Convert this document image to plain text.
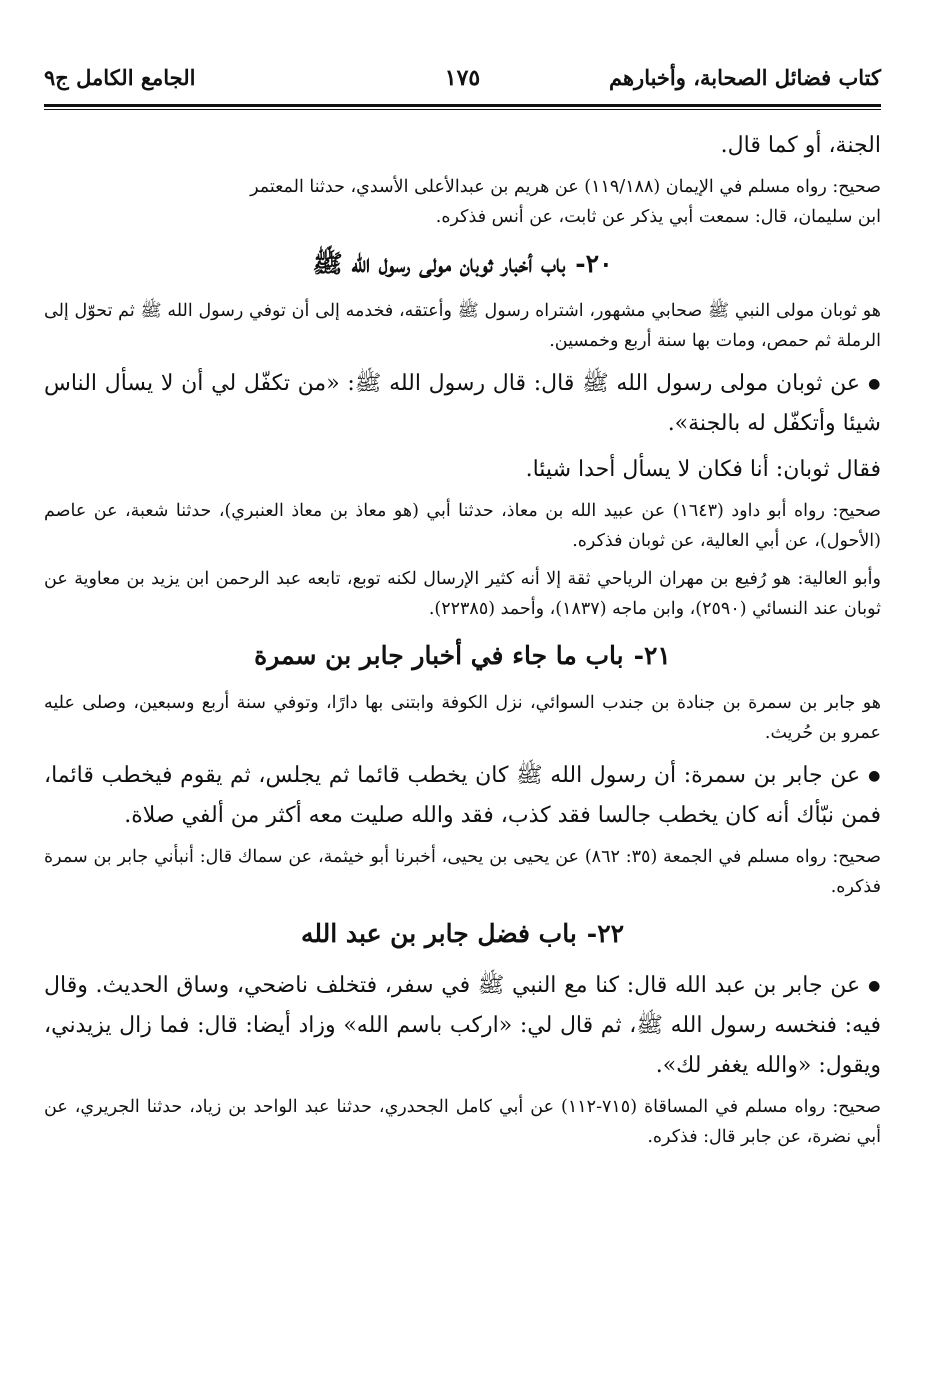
كتاب فضائل الصحابة، وأخبارهم
١٧٥
الجامع الكامل ج٩

الجنة، أو كما قال.

صحيح: رواه مسلم في الإيمان (١١٩/١٨٨) عن هريم بن عبدالأعلى الأسدي، حدثنا المعتمر
ابن سليمان، قال: سمعت أبي يذكر عن ثابت، عن أنس فذكره.

٢٠-باب أخبار ثوبان مولى رسول الله ﷺ

هو ثوبان مولى النبي ﷺ صحابي مشهور، اشتراه رسول ﷺ وأعتقه، فخدمه إلى أن توفي رسول الله ﷺ ثم تحوّل إلى الرملة ثم حمص، ومات بها سنة أربع وخمسين.

●عن ثوبان مولى رسول الله ﷺ قال: قال رسول الله ﷺ: «من تكفّل لي أن لا يسأل الناس شيئا وأتكفّل له بالجنة».

فقال ثوبان: أنا فكان لا يسأل أحدا شيئا.

صحيح: رواه أبو داود (١٦٤٣) عن عبيد الله بن معاذ، حدثنا أبي (هو معاذ بن معاذ العنبري)، حدثنا شعبة، عن عاصم (الأحول)، عن أبي العالية، عن ثوبان فذكره.

وأبو العالية: هو رُفيع بن مهران الرياحي ثقة إلا أنه كثير الإرسال لكنه توبع، تابعه عبد الرحمن ابن يزيد بن معاوية عن ثوبان عند النسائي (٢٥٩٠)، وابن ماجه (١٨٣٧)، وأحمد (٢٢٣٨٥).

٢١-باب ما جاء في أخبار جابر بن سمرة

هو جابر بن سمرة بن جنادة بن جندب السوائي، نزل الكوفة وابتنى بها دارًا، وتوفي سنة أربع وسبعين، وصلى عليه عمرو بن حُريث.

●عن جابر بن سمرة: أن رسول الله ﷺ كان يخطب قائما ثم يجلس، ثم يقوم فيخطب قائما، فمن نبّأك أنه كان يخطب جالسا فقد كذب، فقد والله صليت معه أكثر من ألفي صلاة.

صحيح: رواه مسلم في الجمعة (٣٥: ٨٦٢) عن يحيى بن يحيى، أخبرنا أبو خيثمة، عن سماك قال: أنبأني جابر بن سمرة فذكره.

٢٢-باب فضل جابر بن عبد الله

●عن جابر بن عبد الله قال: كنا مع النبي ﷺ في سفر، فتخلف ناضحي، وساق الحديث. وقال فيه: فنخسه رسول الله ﷺ، ثم قال لي: «اركب باسم الله» وزاد أيضا: قال: فما زال يزيدني، ويقول: «والله يغفر لك».

صحيح: رواه مسلم في المساقاة (٧١٥-١١٢) عن أبي كامل الجحدري، حدثنا عبد الواحد بن زياد، حدثنا الجريري، عن أبي نضرة، عن جابر قال: فذكره.
